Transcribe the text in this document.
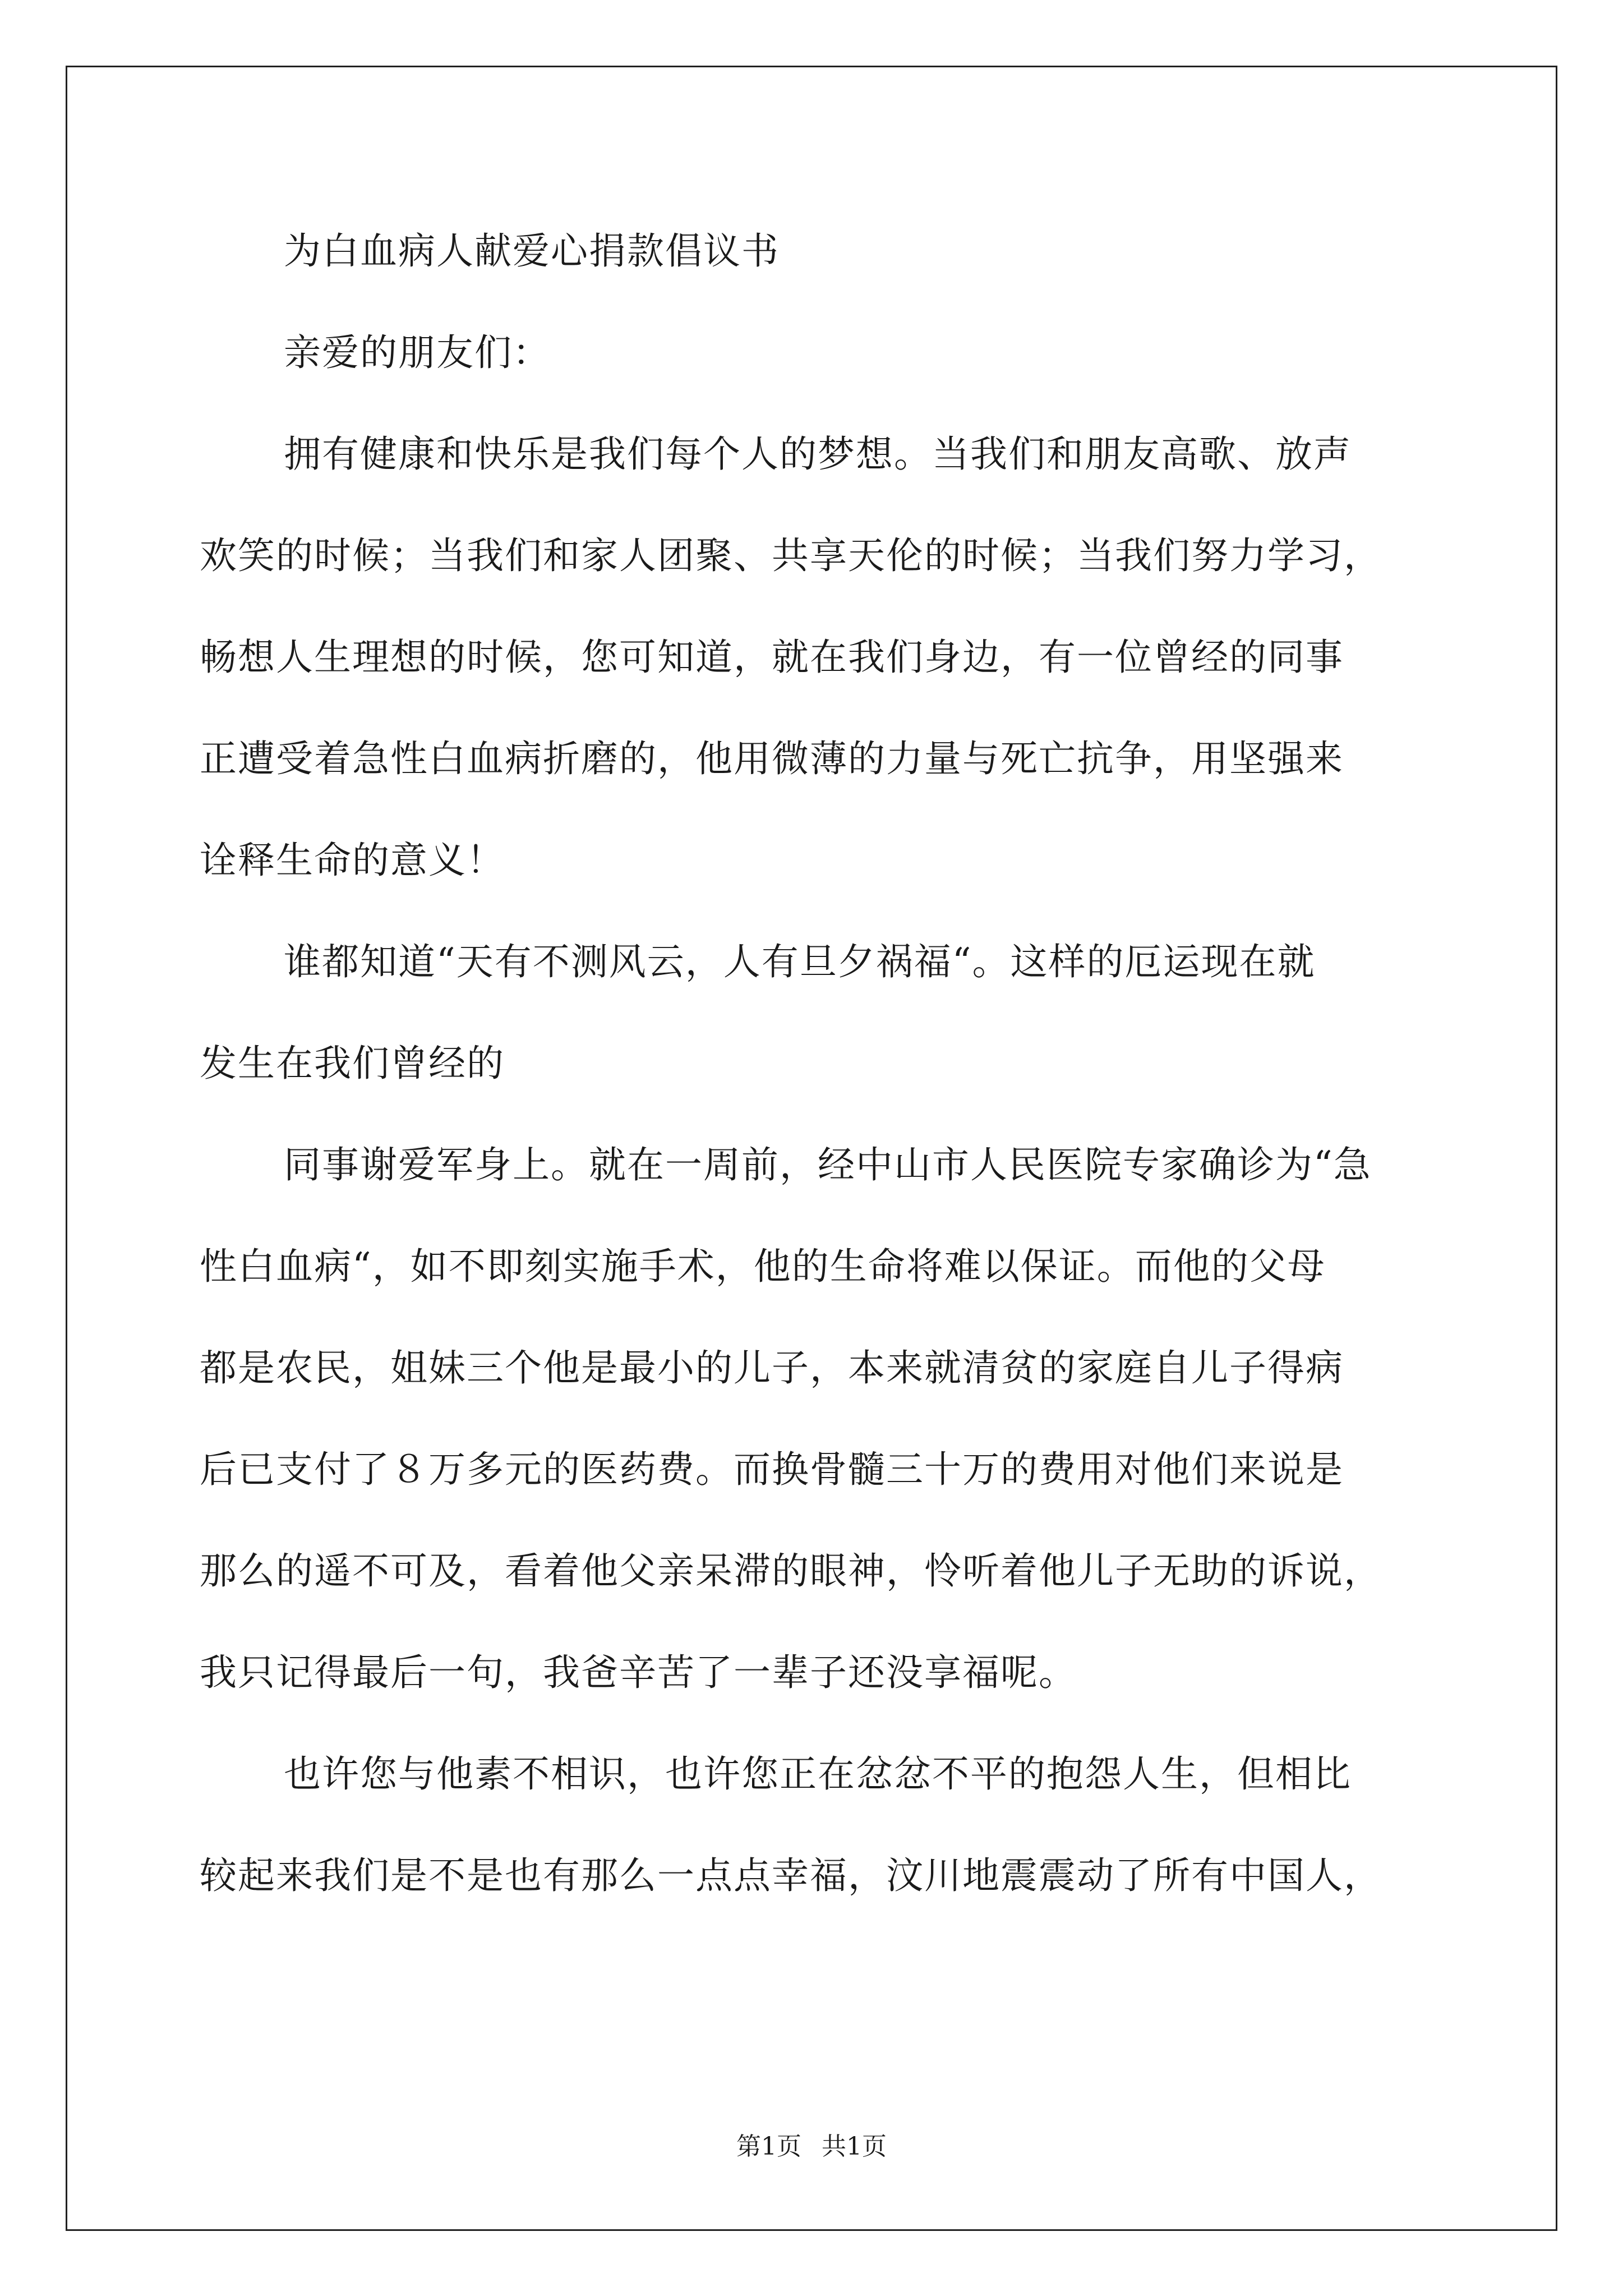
为白血病人献爱心捐款倡议书
亲爱的朋友们：
拥有健康和快乐是我们每个人的梦想。当我们和朋友高歌、放声
欢笑的时候；当我们和家人团聚、共享天伦的时候；当我们努力学习，
畅想人生理想的时候，您可知道，就在我们身边，有一位曾经的同事
正遭受着急性白血病折磨的，他用微薄的力量与死亡抗争，用坚强来
诠释生命的意义！
谁都知道“天有不测风云，人有旦夕祸福“。这样的厄运现在就
发生在我们曾经的
同事谢爱军身上。就在一周前，经中山市人民医院专家确诊为“急
性白血病“，如不即刻实施手术，他的生命将难以保证。而他的父母
都是农民，姐妹三个他是最小的儿子，本来就清贫的家庭自儿子得病
后已支付了８万多元的医药费。而换骨髓三十万的费用对他们来说是
那么的遥不可及，看着他父亲呆滞的眼神，怜听着他儿子无助的诉说，
我只记得最后一句，我爸辛苦了一辈子还没享福呢。
也许您与他素不相识，也许您正在忿忿不平的抱怨人生，但相比
较起来我们是不是也有那么一点点幸福，汶川地震震动了所有中国人，
第1页 共1页
